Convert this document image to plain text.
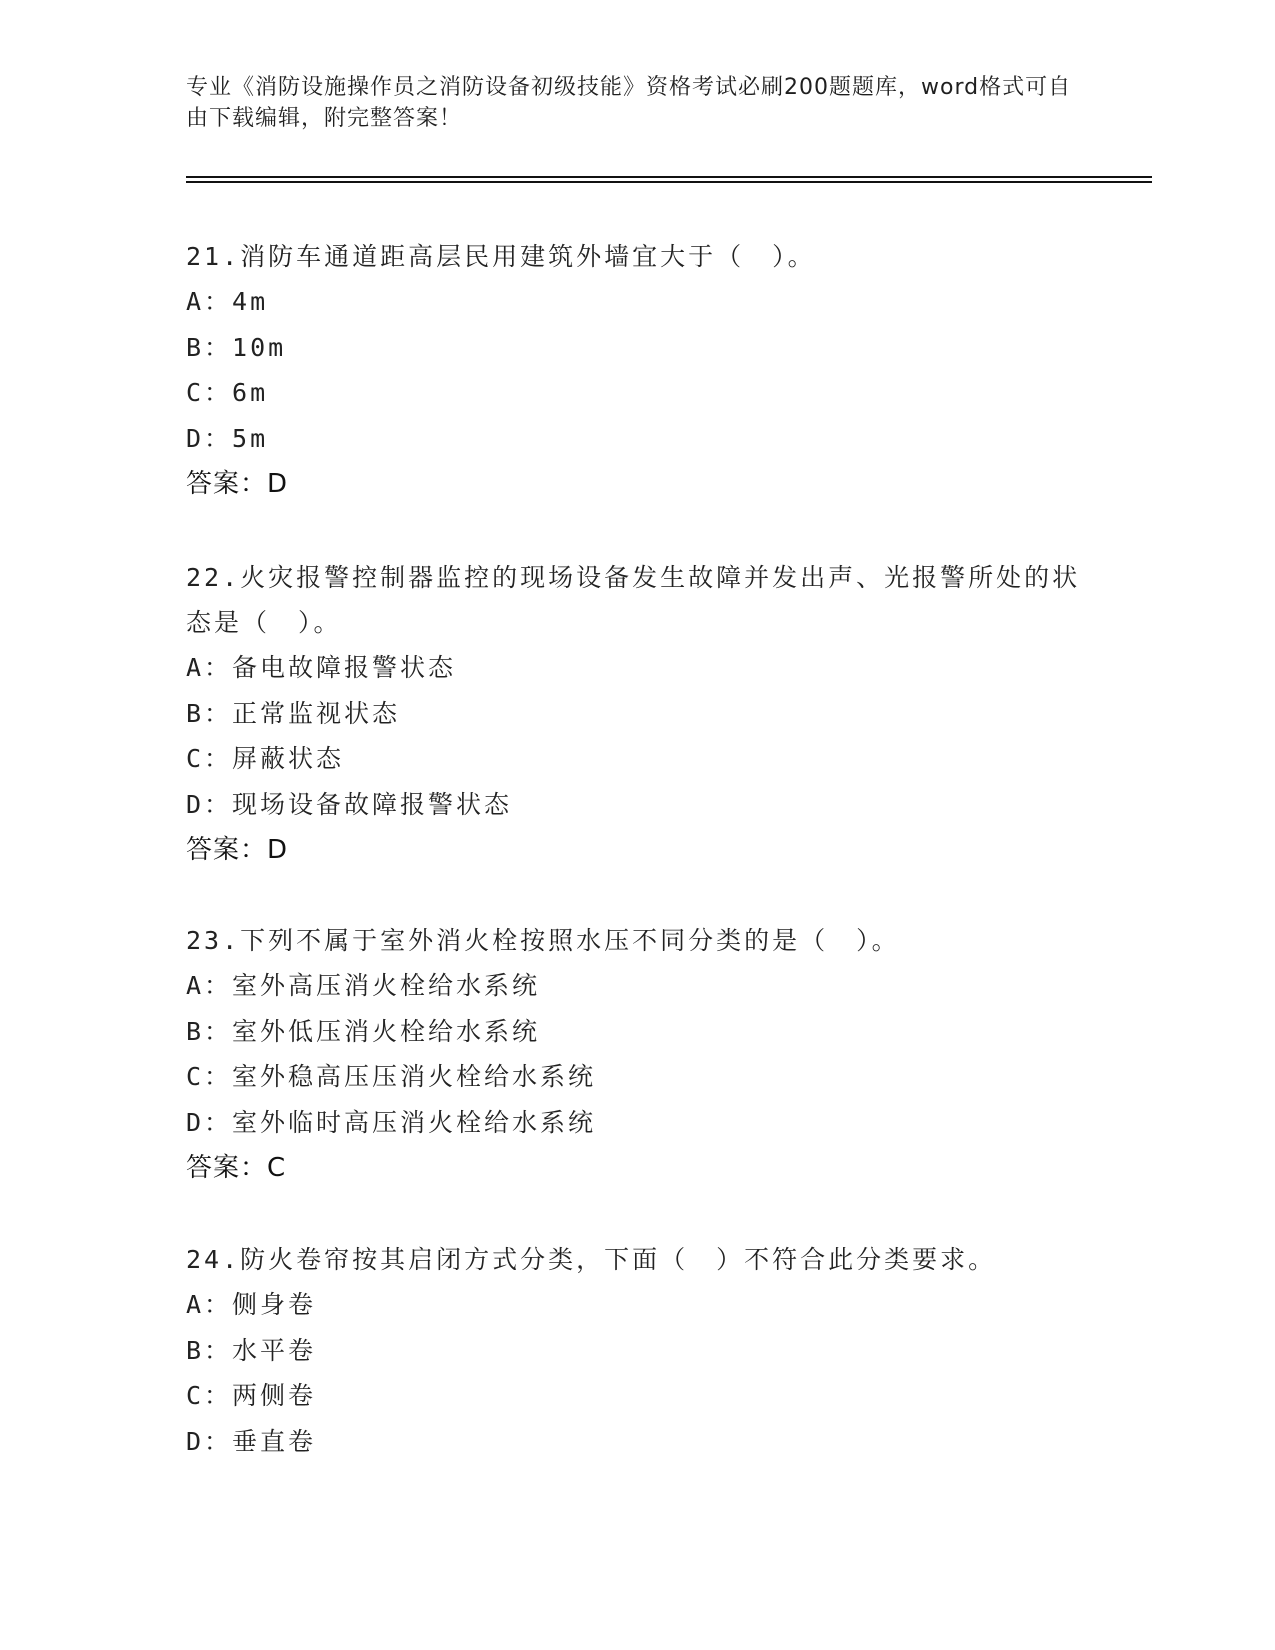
专业《消防设施操作员之消防设备初级技能》资格考试必刷200题题库，word格式可自由下载编辑，附完整答案！

21.消防车通道距高层民用建筑外墙宜大于（　）。

A：4m
B：10m
C：6m
D：5m
答案：D

22.火灾报警控制器监控的现场设备发生故障并发出声、光报警所处的状态是（　）。

A：备电故障报警状态
B：正常监视状态
C：屏蔽状态
D：现场设备故障报警状态
答案：D

23.下列不属于室外消火栓按照水压不同分类的是（　）。

A：室外高压消火栓给水系统
B：室外低压消火栓给水系统
C：室外稳高压压消火栓给水系统
D：室外临时高压消火栓给水系统
答案：C

24.防火卷帘按其启闭方式分类，下面（　）不符合此分类要求。

A：侧身卷
B：水平卷
C：两侧卷
D：垂直卷
